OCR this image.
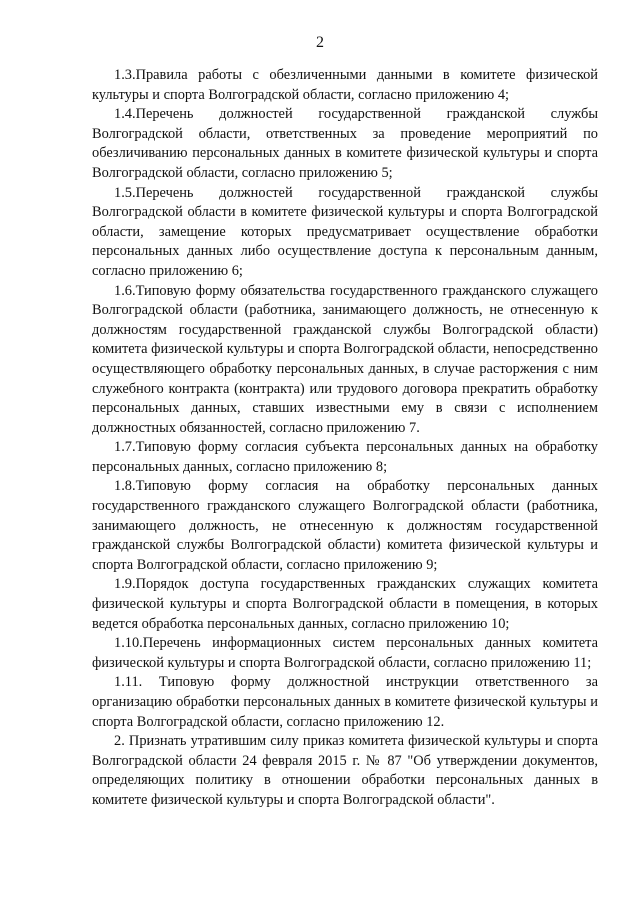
2

1.3.Правила работы с обезличенными данными в комитете физической культуры и спорта Волгоградской области, согласно приложению 4;

1.4.Перечень должностей государственной гражданской службы Волгоградской области, ответственных за проведение мероприятий по обезличиванию персональных данных в комитете физической культуры и спорта Волгоградской области, согласно приложению 5;

1.5.Перечень должностей государственной гражданской службы Волгоградской области в комитете физической культуры и спорта Волгоградской области, замещение которых предусматривает осуществление обработки персональных данных либо осуществление доступа к персональным данным, согласно приложению 6;

1.6.Типовую форму обязательства государственного гражданского служащего Волгоградской области (работника, занимающего должность, не отнесенную к должностям государственной гражданской службы Волгоградской области) комитета физической культуры и спорта Волгоградской области, непосредственно осуществляющего обработку персональных данных, в случае расторжения с ним служебного контракта (контракта) или трудового договора прекратить обработку персональных данных, ставших известными ему в связи с исполнением должностных обязанностей, согласно приложению 7.

1.7.Типовую форму согласия субъекта персональных данных на обработку персональных данных, согласно приложению 8;

1.8.Типовую форму согласия на обработку персональных данных государственного гражданского служащего Волгоградской области (работника, занимающего должность, не отнесенную к должностям государственной гражданской службы Волгоградской области) комитета физической культуры и спорта Волгоградской области, согласно приложению 9;

1.9.Порядок доступа государственных гражданских служащих комитета физической культуры и спорта Волгоградской области в помещения, в которых ведется обработка персональных данных, согласно приложению 10;

1.10.Перечень информационных систем персональных данных комитета физической культуры и спорта Волгоградской области, согласно приложению 11;

1.11. Типовую форму должностной инструкции ответственного за организацию обработки персональных данных в комитете физической культуры и спорта Волгоградской области, согласно приложению 12.

2. Признать утратившим силу приказ комитета физической культуры и спорта Волгоградской области 24 февраля 2015 г. № 87 "Об утверждении документов, определяющих политику в отношении обработки персональных данных в комитете физической культуры и спорта Волгоградской области".
